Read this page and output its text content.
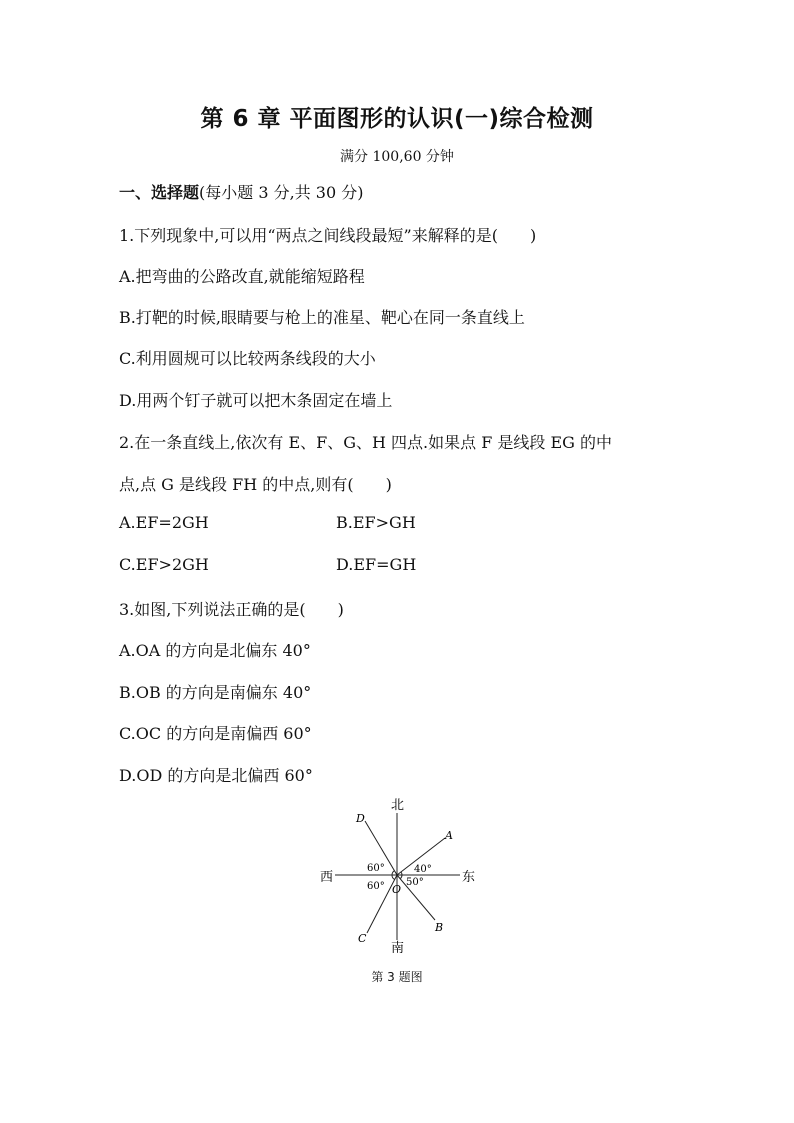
第 6 章 平面图形的认识(一)综合检测
满分 100,60 分钟
一、选择题(每小题 3 分,共 30 分)
1.下列现象中,可以用“两点之间线段最短”来解释的是(　　)
A.把弯曲的公路改直,就能缩短路程
B.打靶的时候,眼睛要与枪上的准星、靶心在同一条直线上
C.利用圆规可以比较两条线段的大小
D.用两个钉子就可以把木条固定在墙上
2.在一条直线上,依次有 E、F、G、H 四点.如果点 F 是线段 EG 的中
点,点 G 是线段 FH 的中点,则有(　　)
A.EF=2GH	B.EF>GH
C.EF>2GH	D.EF=GH
3.如图,下列说法正确的是(　　)
A.OA 的方向是北偏东 40°
B.OB 的方向是南偏东 40°
C.OC 的方向是南偏西 60°
D.OD 的方向是北偏西 60°
北
南
西	东
A
B
C
D
O
60°
60°
40°
50°
第 3 题图
